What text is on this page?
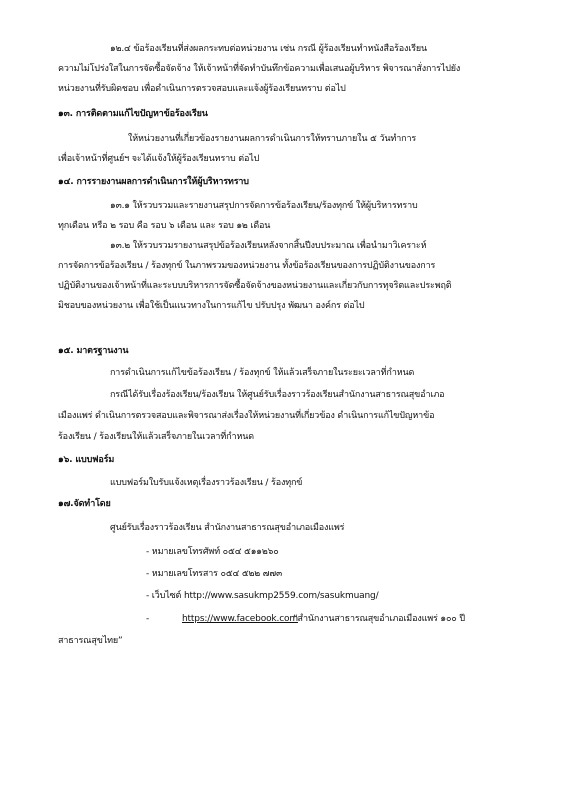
๑๒.๔ ข้อร้องเรียนที่ส่งผลกระทบต่อหน่วยงาน เช่น กรณี ผู้ร้องเรียนทำหนังสือร้องเรียน
ความไม่โปร่งใสในการจัดซื้อจัดจ้าง ให้เจ้าหน้าที่จัดทำบันทึกข้อความเพื่อเสนอผู้บริหาร พิจารณาสั่งการไปยัง
หน่วยงานที่รับผิดชอบ เพื่อดำเนินการตรวจสอบและแจ้งผู้ร้องเรียนทราบ ต่อไป
๑๓. การติดตามแก้ไขปัญหาข้อร้องเรียน
ให้หน่วยงานที่เกี่ยวข้องรายงานผลการดำเนินการให้ทราบภายใน ๕ วันทำการ
เพื่อเจ้าหน้าที่ศูนย์ฯ จะได้แจ้งให้ผู้ร้องเรียนทราบ ต่อไป
๑๔. การรายงานผลการดำเนินการให้ผู้บริหารทราบ
๑๓.๑ ให้รวบรวมและรายงานสรุปการจัดการข้อร้องเรียน/ร้องทุกข์ ให้ผู้บริหารทราบ
ทุกเดือน หรือ ๒ รอบ คือ รอบ ๖ เดือน และ รอบ ๑๒ เดือน
๑๓.๒ ให้รวบรวมรายงานสรุปข้อร้องเรียนหลังจากสิ้นปีงบประมาณ เพื่อนำมาวิเคราะห์
การจัดการข้อร้องเรียน / ร้องทุกข์ ในภาพรวมของหน่วยงาน ทั้งข้อร้องเรียนของการปฏิบัติงานของการ
ปฏิบัติงานของเจ้าหน้าที่และระบบบริหารการจัดซื้อจัดจ้างของหน่วยงานและเกี่ยวกับการทุจริตและประพฤติ
มิชอบของหน่วยงาน เพื่อใช้เป็นแนวทางในการแก้ไข ปรับปรุง พัฒนา องค์กร ต่อไป
๑๕. มาตรฐานงาน
การดำเนินการแก้ไขข้อร้องเรียน / ร้องทุกข์ ให้แล้วเสร็จภายในระยะเวลาที่กำหนด
กรณีได้รับเรื่องร้องเรียน/ร้องเรียน ให้ศูนย์รับเรื่องราวร้องเรียนสำนักงานสาธารณสุขอำเภอ
เมืองแพร่ ดำเนินการตรวจสอบและพิจารณาส่งเรื่องให้หน่วยงานที่เกี่ยวข้อง ดำเนินการแก้ไขปัญหาข้อ
ร้องเรียน / ร้องเรียนให้แล้วเสร็จภายในเวลาที่กำหนด
๑๖. แบบฟอร์ม
แบบฟอร์มใบรับแจ้งเหตุเรื่องราวร้องเรียน / ร้องทุกข์
๑๗.จัดทำโดย
ศูนย์รับเรื่องราวร้องเรียน สำนักงานสาธารณสุขอำเภอเมืองแพร่
- หมายเลขโทรศัพท์ ๐๕๔ ๕๑๑๒๖๐
- หมายเลขโทรสาร ๐๕๔ ๕๒๒ ๗๗๓
- เว็บไซต์ http://www.sasukmp2559.com/sasukmuang/
-	https://www.facebook.com
“สำนักงานสาธารณสุขอำเภอเมืองแพร่ ๑๐๐ ปี
สาธารณสุขไทย”
